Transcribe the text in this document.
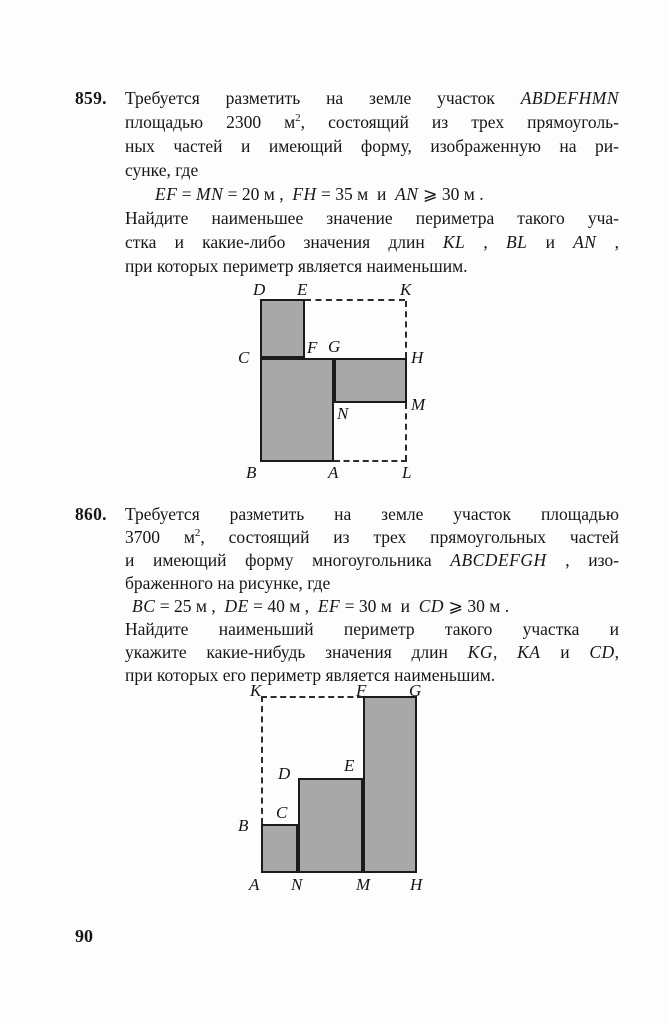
859. Требуется разметить на земле участок ABDEFHMN
площадью 2300 $м^2$, состоящий из трех прямоуголь-
ных частей и имеющий форму, изображенную на ри-
сунке, где
EF = MN = 20 м ,  FH = 35 м  и  AN ⩾ 30 м .
Найдите наименьшее значение периметра такого уча-
стка и какие-либо значения длин KL , BL и AN ,
при которых периметр является наименьшим.
D E	K
C
F G
H
M
N
B	A	L
860. Требуется разметить на земле участок площадью
3700 $м^2$, состоящий из трех прямоугольных частей
и имеющий форму многоугольника ABCDEFGH , изо-
браженного на рисунке, где
BC = 25 м ,  DE = 40 м ,  EF = 30 м  и  CD ⩾ 30 м .
Найдите наименьший периметр такого участка и
укажите какие-нибудь значения длин KG, KA и CD,
при которых его периметр является наименьшим.
K	F G
E
D
C
B
A N	M H
90
